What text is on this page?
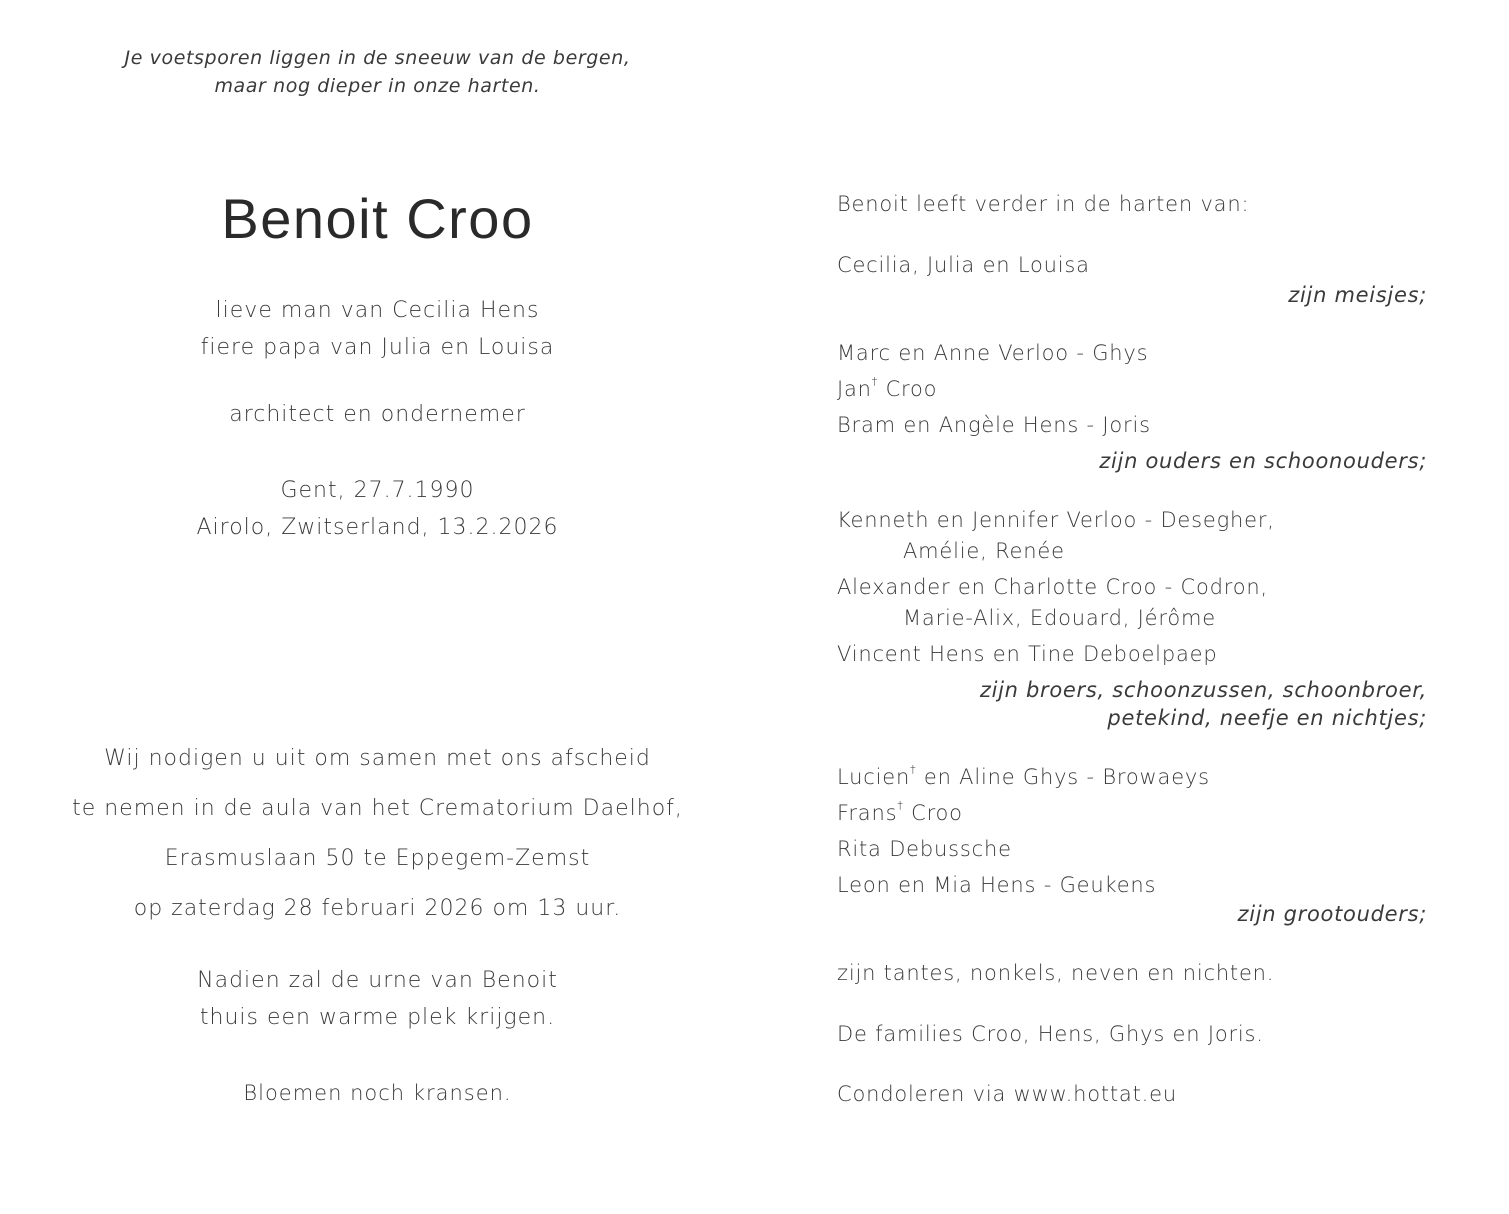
Je voetsporen liggen in de sneeuw van de bergen,
maar nog dieper in onze harten.
Benoit Croo
lieve man van Cecilia Hens
fiere papa van Julia en Louisa
architect en ondernemer
Gent, 27.7.1990
Airolo, Zwitserland, 13.2.2026
Wij nodigen u uit om samen met ons afscheid
te nemen in de aula van het Crematorium Daelhof,
Erasmuslaan 50 te Eppegem-Zemst
op zaterdag 28 februari 2026 om 13 uur.
Nadien zal de urne van Benoit
thuis een warme plek krijgen.
Bloemen noch kransen.
Benoit leeft verder in de harten van:
Cecilia, Julia en Louisa
zijn meisjes;
Marc en Anne Verloo - Ghys
Jan† Croo
Bram en Angèle Hens - Joris
zijn ouders en schoonouders;
Kenneth en Jennifer Verloo - Desegher,
Amélie, Renée
Alexander en Charlotte Croo - Codron,
Marie-Alix, Edouard, Jérôme
Vincent Hens en Tine Deboelpaep
zijn broers, schoonzussen, schoonbroer,
petekind, neefje en nichtjes;
Lucien† en Aline Ghys - Browaeys
Frans† Croo
Rita Debussche
Leon en Mia Hens - Geukens
zijn grootouders;
zijn tantes, nonkels, neven en nichten.
De families Croo, Hens, Ghys en Joris.
Condoleren via www.hottat.eu
